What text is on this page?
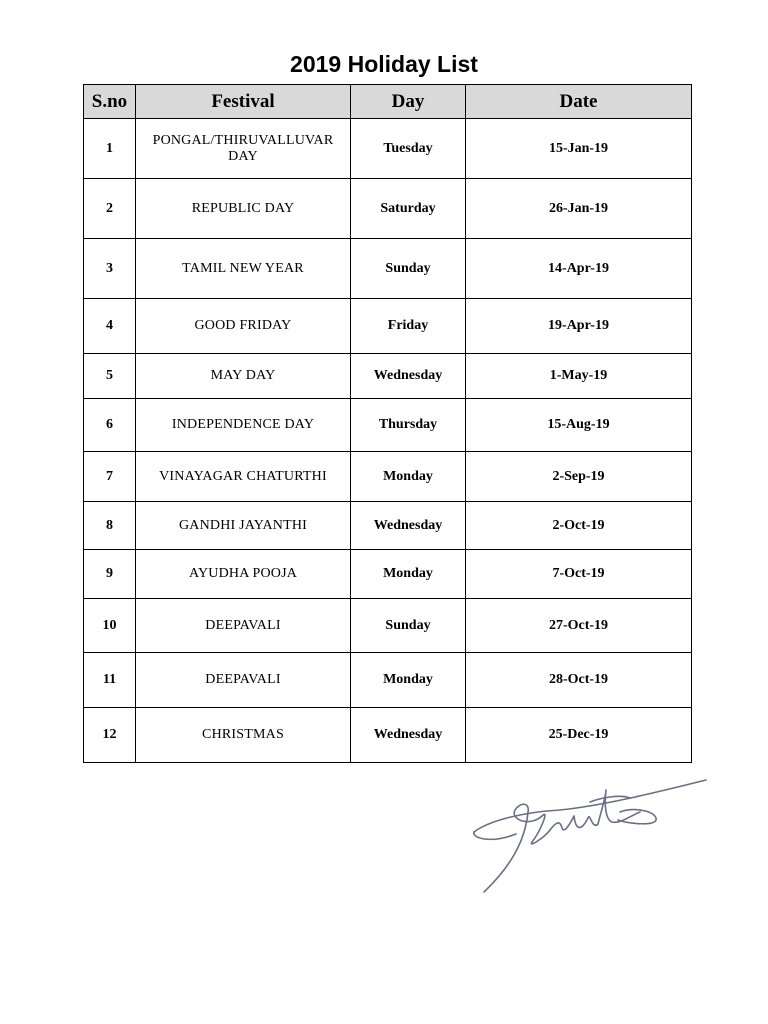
2019 Holiday List
S.no	Festival	Day	Date
1	PONGAL/THIRUVALLUVAR DAY	Tuesday	15-Jan-19
2	REPUBLIC DAY	Saturday	26-Jan-19
3	TAMIL NEW YEAR	Sunday	14-Apr-19
4	GOOD FRIDAY	Friday	19-Apr-19
5	MAY DAY	Wednesday	1-May-19
6	INDEPENDENCE DAY	Thursday	15-Aug-19
7	VINAYAGAR CHATURTHI	Monday	2-Sep-19
8	GANDHI JAYANTHI	Wednesday	2-Oct-19
9	AYUDHA POOJA	Monday	7-Oct-19
10	DEEPAVALI	Sunday	27-Oct-19
11	DEEPAVALI	Monday	28-Oct-19
12	CHRISTMAS	Wednesday	25-Dec-19
